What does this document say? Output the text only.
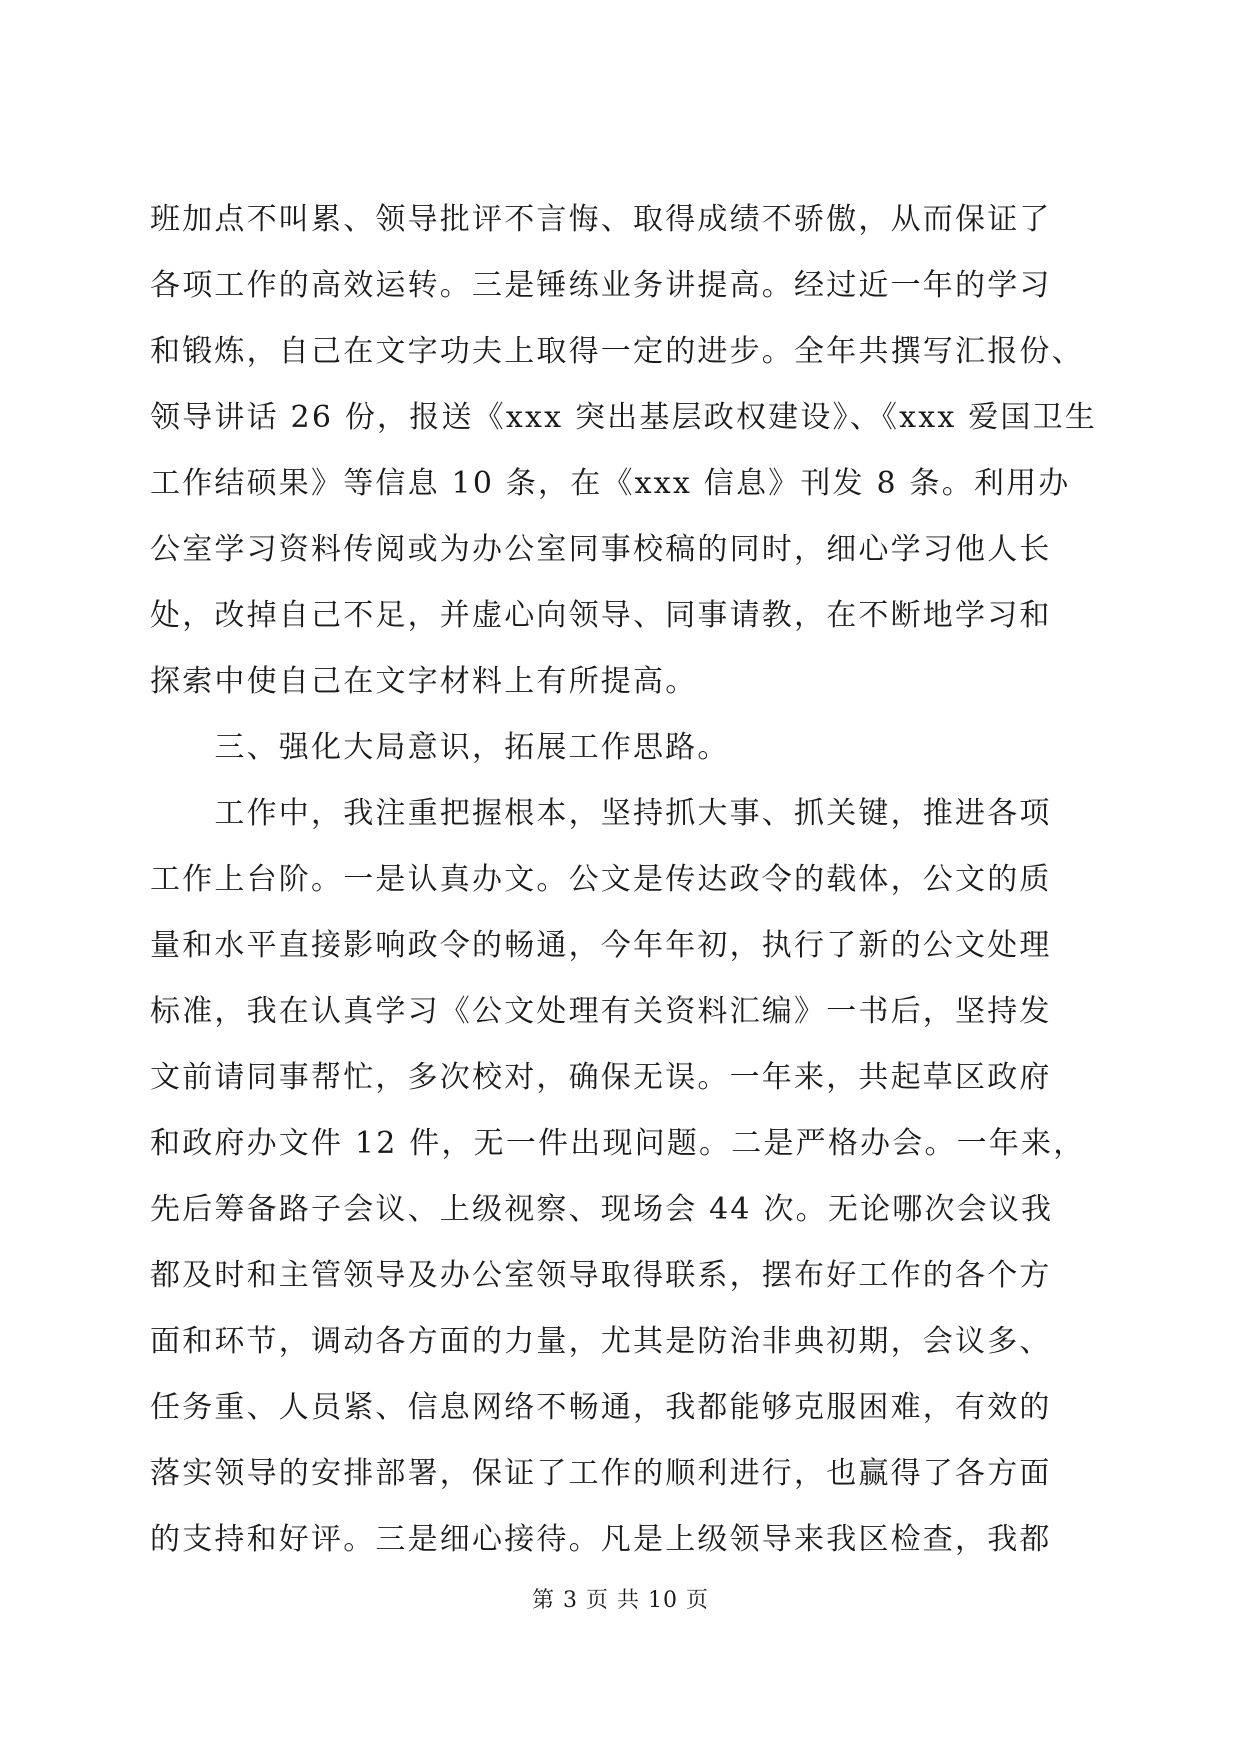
班加点不叫累、领导批评不言悔、取得成绩不骄傲，从而保证了
各项工作的高效运转。三是锤练业务讲提高。经过近一年的学习
和锻炼，自己在文字功夫上取得一定的进步。全年共撰写汇报份、
领导讲话 26 份，报送《xxx 突出基层政权建设》、《xxx 爱国卫生
工作结硕果》等信息 10 条，在《xxx 信息》刊发 8 条。利用办
公室学习资料传阅或为办公室同事校稿的同时，细心学习他人长
处，改掉自己不足，并虚心向领导、同事请教，在不断地学习和
探索中使自己在文字材料上有所提高。
　　三、强化大局意识，拓展工作思路。
　　工作中，我注重把握根本，坚持抓大事、抓关键，推进各项
工作上台阶。一是认真办文。公文是传达政令的载体，公文的质
量和水平直接影响政令的畅通，今年年初，执行了新的公文处理
标准，我在认真学习《公文处理有关资料汇编》一书后，坚持发
文前请同事帮忙，多次校对，确保无误。一年来，共起草区政府
和政府办文件 12 件，无一件出现问题。二是严格办会。一年来，
先后筹备路子会议、上级视察、现场会 44 次。无论哪次会议我
都及时和主管领导及办公室领导取得联系，摆布好工作的各个方
面和环节，调动各方面的力量，尤其是防治非典初期，会议多、
任务重、人员紧、信息网络不畅通，我都能够克服困难，有效的
落实领导的安排部署，保证了工作的顺利进行，也赢得了各方面
的支持和好评。三是细心接待。凡是上级领导来我区检查，我都
第 3 页 共 10 页
